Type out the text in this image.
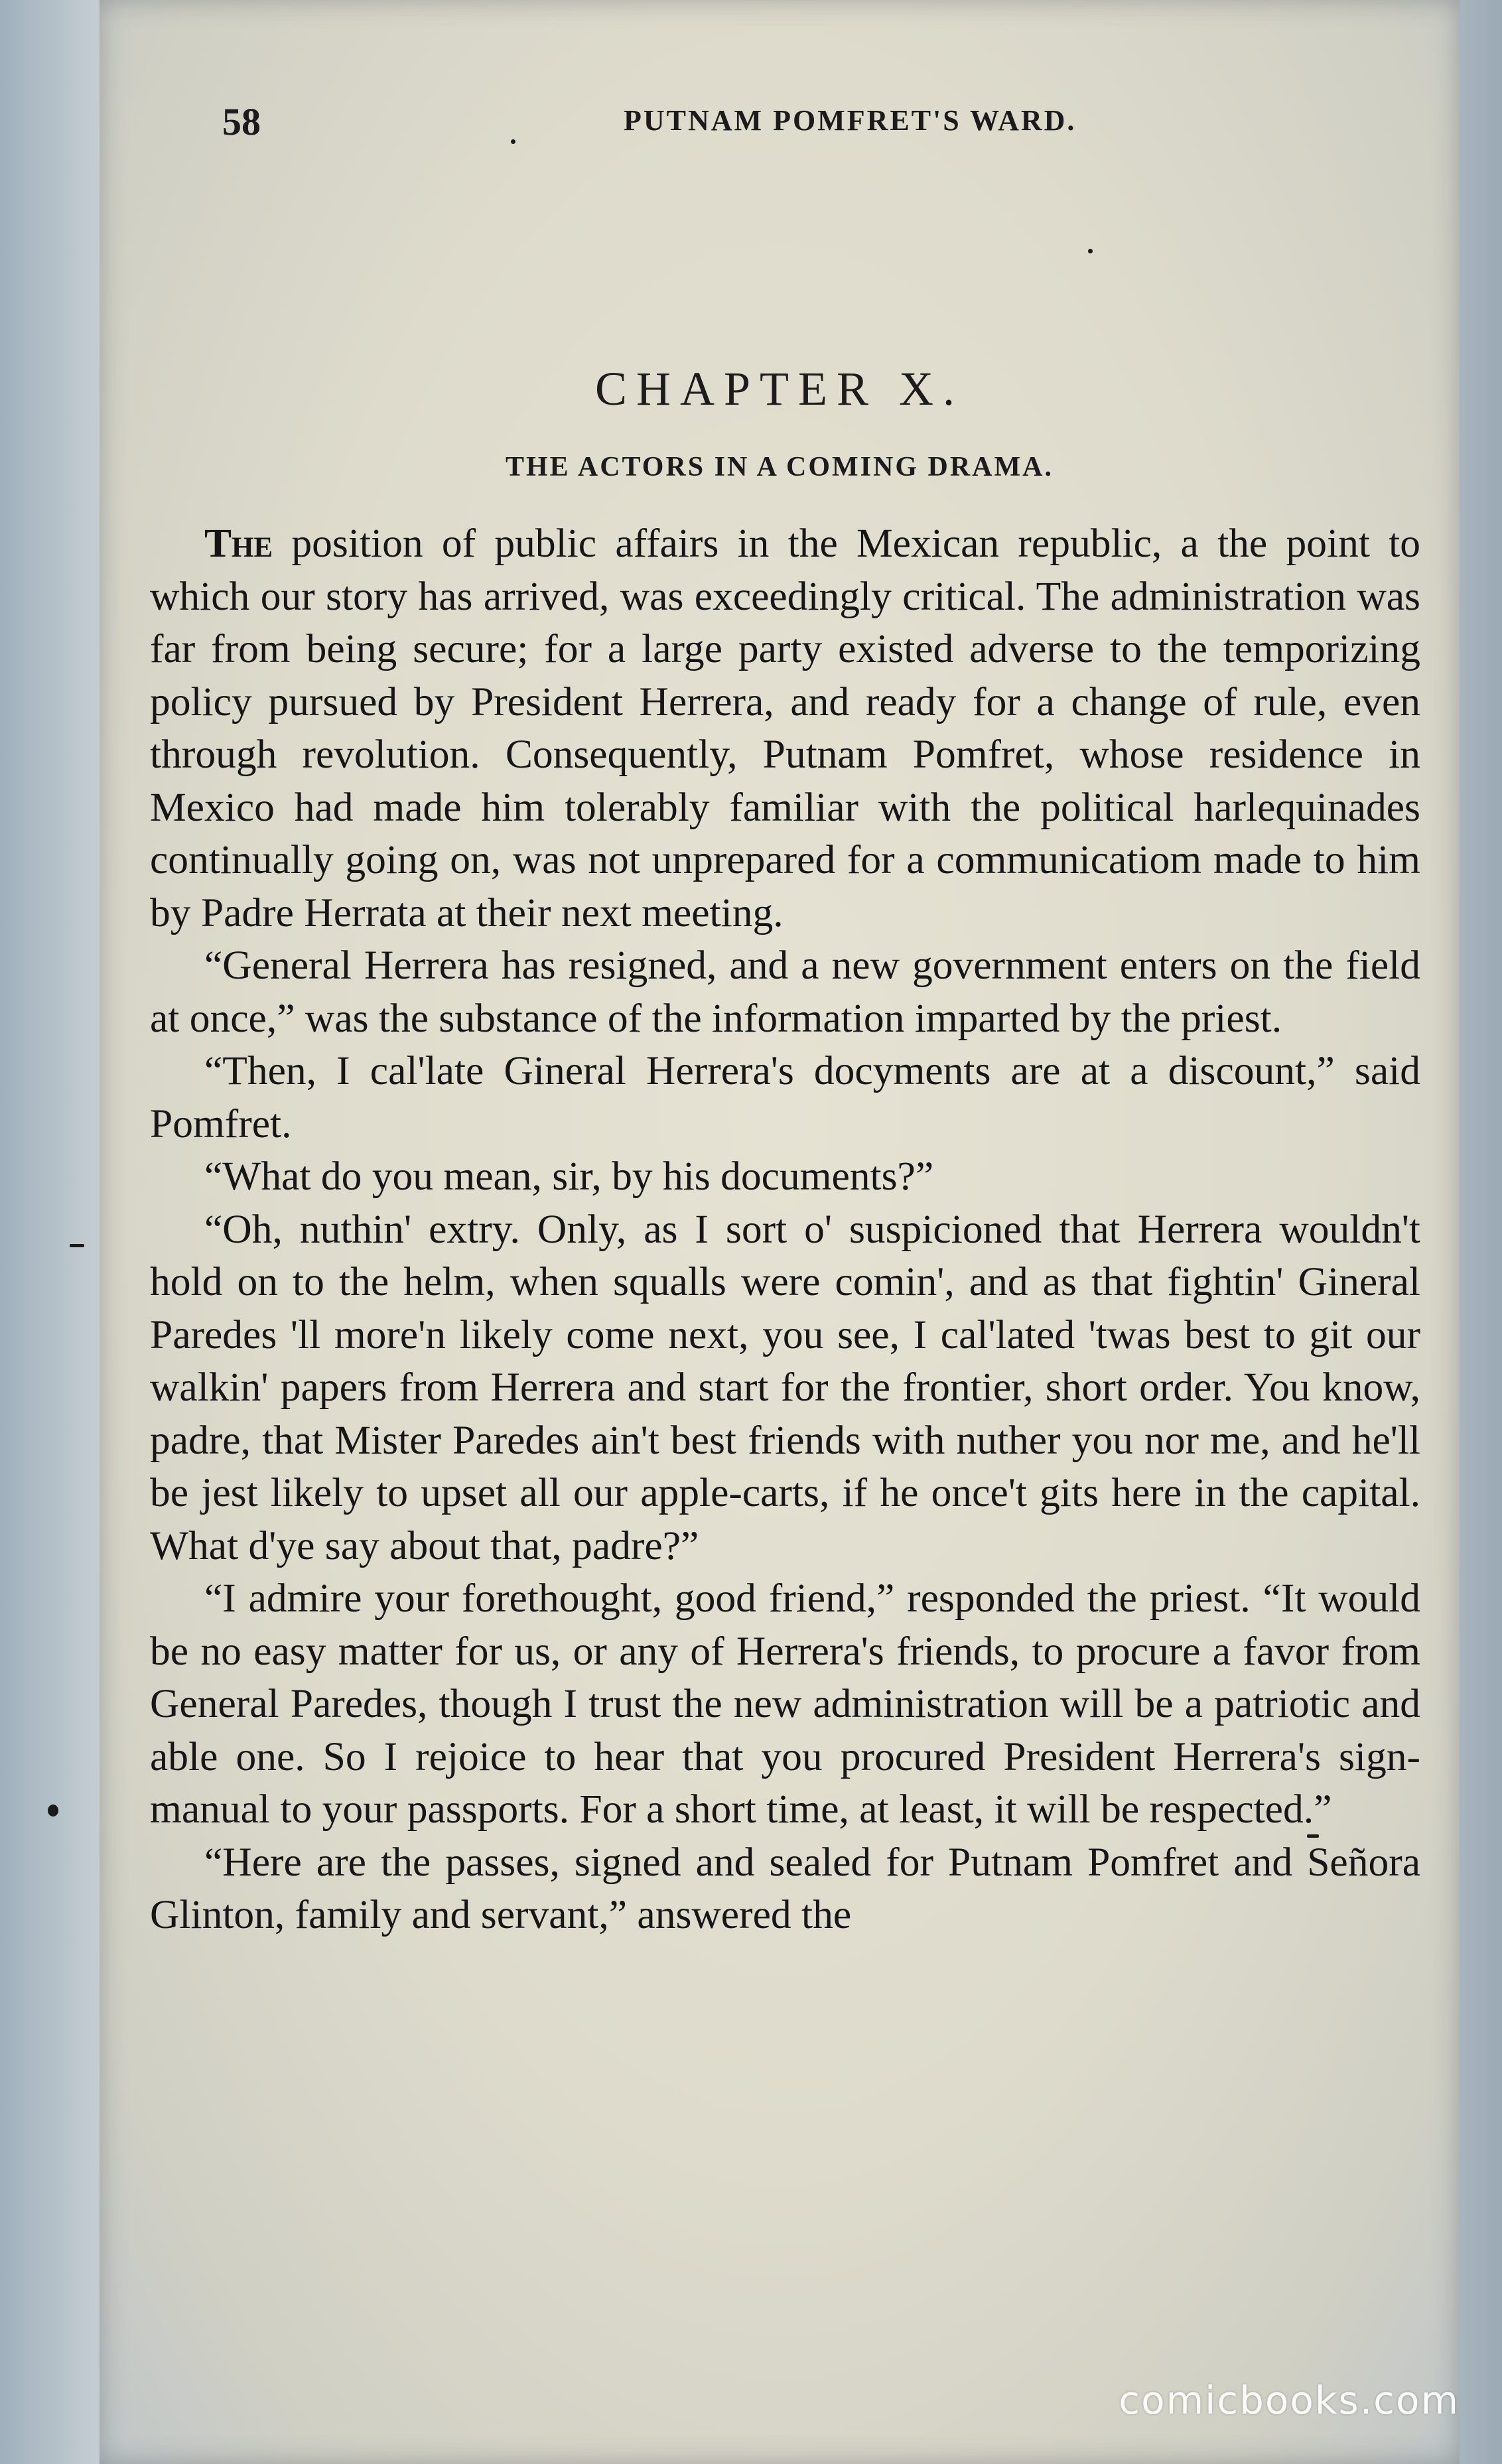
58	PUTNAM POMFRET'S WARD.
CHAPTER X.
THE ACTORS IN A COMING DRAMA.

The position of public affairs in the Mexican republic, a the point to which our story has arrived, was exceedingly critical. The administration was far from being secure; for a large party existed adverse to the temporizing policy pursued by President Herrera, and ready for a change of rule, even through revolution. Consequently, Putnam Pomfret, whose residence in Mexico had made him tolerably familiar with the political harlequinades continually going on, was not unprepared for a communicatiom made to him by Padre Herrata at their next meeting.

“General Herrera has resigned, and a new government enters on the field at once,” was the substance of the information imparted by the priest.

“Then, I cal'late Gineral Herrera's docyments are at a discount,” said Pomfret.

“What do you mean, sir, by his documents?”

“Oh, nuthin' extry. Only, as I sort o' suspicioned that Herrera wouldn't hold on to the helm, when squalls were comin', and as that fightin' Gineral Paredes 'll more'n likely come next, you see, I cal'lated 'twas best to git our walkin' papers from Herrera and start for the frontier, short order. You know, padre, that Mister Paredes ain't best friends with nuther you nor me, and he'll be jest likely to upset all our apple-carts, if he once't gits here in the capital. What d'ye say about that, padre?”

“I admire your forethought, good friend,” responded the priest. “It would be no easy matter for us, or any of Herrera's friends, to procure a favor from General Paredes, though I trust the new administration will be a patriotic and able one. So I rejoice to hear that you procured President Herrera's sign-manual to your passports. For a short time, at least, it will be respected.”

“Here are the passes, signed and sealed for Putnam Pomfret and Señora Glinton, family and servant,” answered the

comicbooks.com
